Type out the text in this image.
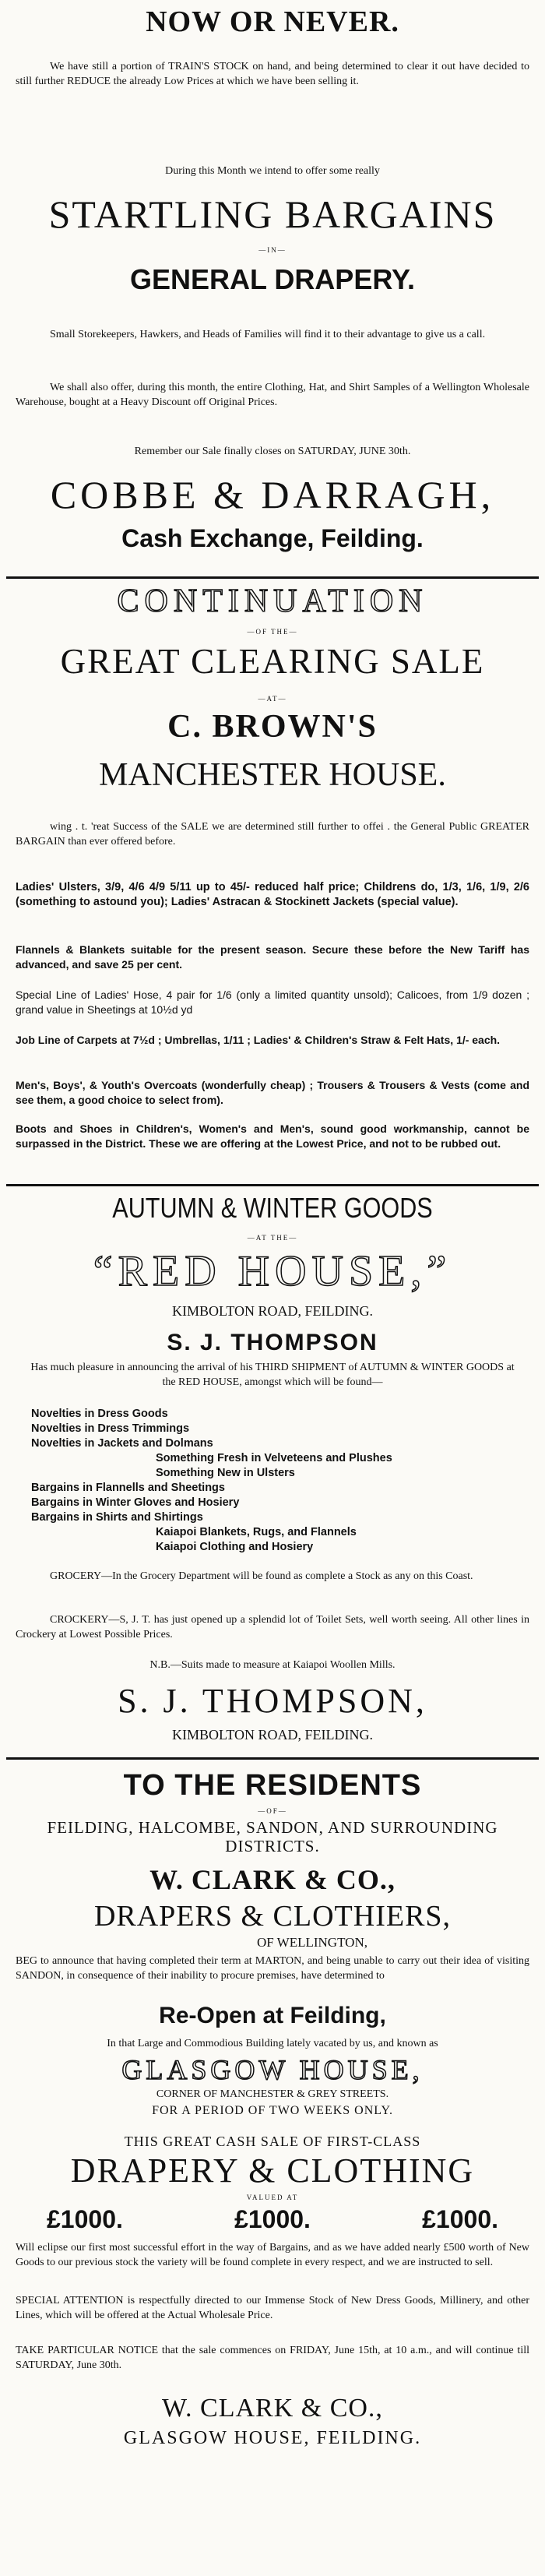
NOW OR NEVER.

We have still a portion of TRAIN'S STOCK on hand, and being determined to clear it out have decided to still further REDUCE the already Low Prices at which we have been selling it.

During this Month we intend to offer some really

STARTLING BARGAINS
—IN—
GENERAL DRAPERY.

Small Storekeepers, Hawkers, and Heads of Families will find it to their advantage to give us a call.

We shall also offer, during this month, the entire Clothing, Hat, and Shirt Samples of a Wellington Wholesale Warehouse, bought at a Heavy Discount off Original Prices.

Remember our Sale finally closes on SATURDAY, JUNE 30th.

COBBE & DARRAGH,
Cash Exchange, Feilding.
CONTINUATION
—OF THE—
GREAT CLEARING SALE
—AT—
C. BROWN'S
MANCHESTER HOUSE.

wing . t. 'reat Success of the SALE we are determined still further to offei . the General Public GREATER BARGAIN than ever offered before.

Ladies' Ulsters, 3/9, 4/6 4/9 5/11 up to 45/- reduced half price; Childrens do, 1/3, 1/6, 1/9, 2/6 (something to astound you); Ladies' Astracan & Stockinett Jackets (special value).

Flannels & Blankets suitable for the present season. Secure these before the New Tariff has advanced, and save 25 per cent.

Special Line of Ladies' Hose, 4 pair for 1/6 (only a limited quantity unsold); Calicoes, from 1/9 dozen ; grand value in Sheetings at 10½d yd

Job Line of Carpets at 7½d ; Umbrellas, 1/11 ; Ladies' & Children's Straw & Felt Hats, 1/- each.

Men's, Boys', & Youth's Overcoats (wonderfully cheap) ; Trousers & Trousers & Vests (come and see them, a good choice to select from).

Boots and Shoes in Children's, Women's and Men's, sound good workmanship, cannot be surpassed in the District. These we are offering at the Lowest Price, and not to be rubbed out.

AUTUMN & WINTER GOODS
—AT THE—
“RED HOUSE,”
KIMBOLTON ROAD, FEILDING.
S. J. THOMPSON

Has much pleasure in announcing the arrival of his THIRD SHIPMENT of AUTUMN & WINTER GOODS at the RED HOUSE, amongst which will be found—

Novelties in Dress Goods

Novelties in Dress Trimmings

Novelties in Jackets and Dolmans

Something Fresh in Velveteens and Plushes

Something New in Ulsters

Bargains in Flannells and Sheetings

Bargains in Winter Gloves and Hosiery

Bargains in Shirts and Shirtings

Kaiapoi Blankets, Rugs, and Flannels

Kaiapoi Clothing and Hosiery

GROCERY—In the Grocery Department will be found as complete a Stock as any on this Coast.

CROCKERY—S, J. T. has just opened up a splendid lot of Toilet Sets, well worth seeing. All other lines in Crockery at Lowest Possible Prices.

N.B.—Suits made to measure at Kaiapoi Woollen Mills.

S. J. THOMPSON,
KIMBOLTON ROAD, FEILDING.
TO THE RESIDENTS
—OF—
FEILDING, HALCOMBE, SANDON, AND SURROUNDING DISTRICTS.
W. CLARK & CO.,
DRAPERS & CLOTHIERS,
OF WELLINGTON,

BEG to announce that having completed their term at MARTON, and being unable to carry out their idea of visiting SANDON, in consequence of their inability to procure premises, have determined to

Re-Open at Feilding,

In that Large and Commodious Building lately vacated by us, and known as

GLASGOW HOUSE,
CORNER OF MANCHESTER & GREY STREETS.
FOR A PERIOD OF TWO WEEKS ONLY.
THIS GREAT CASH SALE OF FIRST-CLASS
DRAPERY & CLOTHING
VALUED AT
£1000.	£1000.	£1000.

Will eclipse our first most successful effort in the way of Bargains, and as we have added nearly £500 worth of New Goods to our previous stock the variety will be found complete in every respect, and we are instructed to sell.

SPECIAL ATTENTION is respectfully directed to our Immense Stock of New Dress Goods, Millinery, and other Lines, which will be offered at the Actual Wholesale Price.

TAKE PARTICULAR NOTICE that the sale commences on FRIDAY, June 15th, at 10 a.m., and will continue till SATURDAY, June 30th.

W. CLARK & CO.,
GLASGOW HOUSE, FEILDING.
